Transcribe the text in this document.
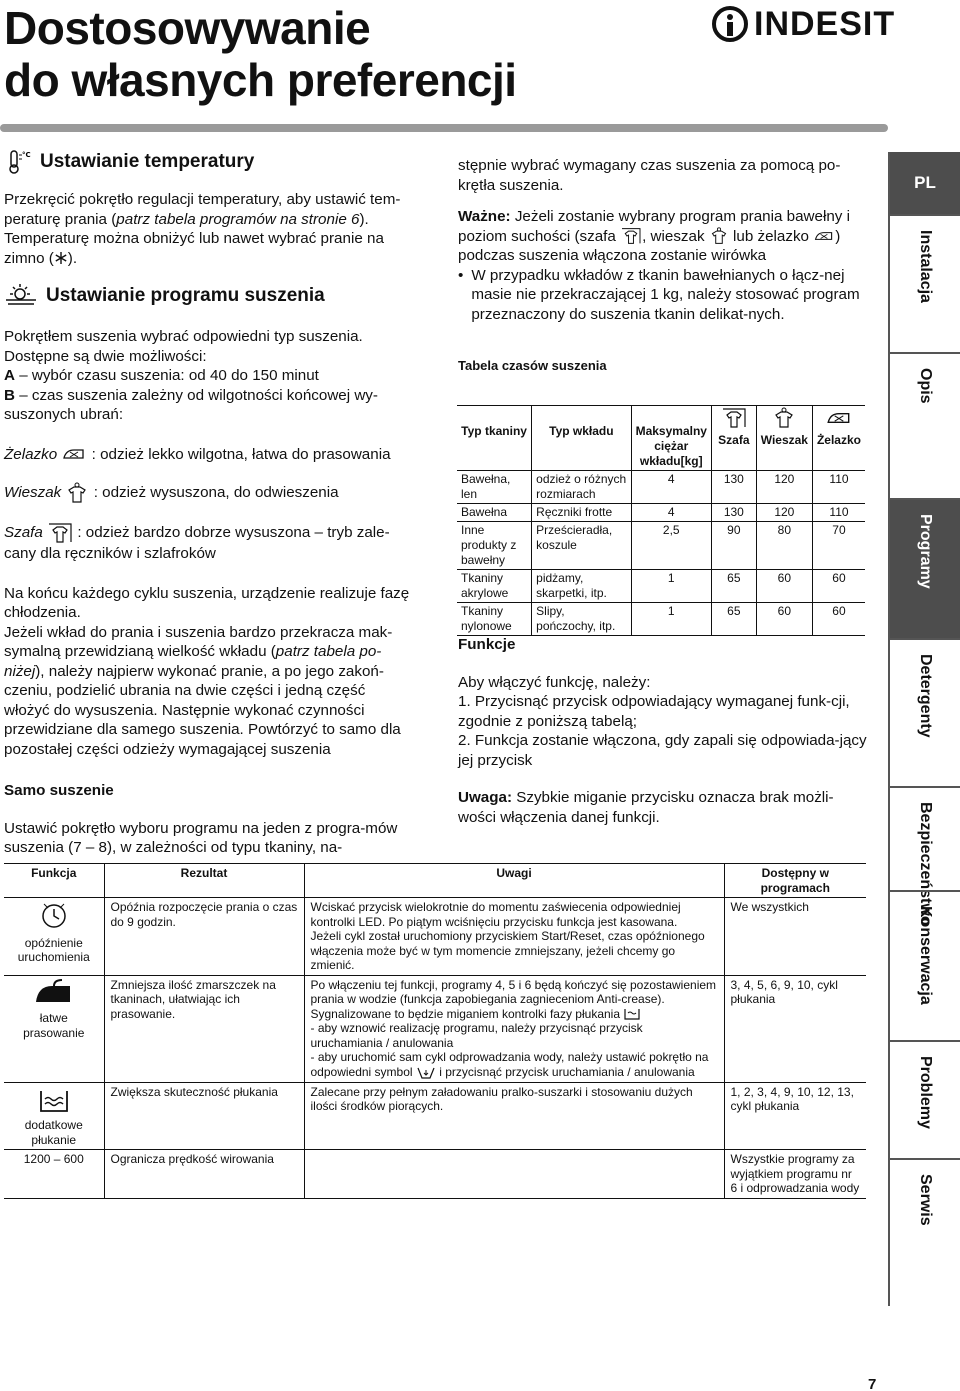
Dostosowywanie
do własnych preferencji
INDESIT
°C Ustawianie temperatury

Przekręcić pokrętło regulacji temperatury, aby ustawić tem-peraturę prania (patrz tabela programów na stronie 6). Temperaturę można obniżyć lub nawet wybrać pranie na zimno ( ).

Ustawianie programu suszenia

Pokrętłem suszenia wybrać odpowiedni typ suszenia.

Dostępne są dwie możliwości:

A – wybór czasu suszenia: od 40 do 150 minut

B – czas suszenia zależny od wilgotności końcowej wy-suszonych ubrań:

Żelazko : odzież lekko wilgotna, łatwa do prasowania

Wieszak : odzież wysuszona, do odwieszenia

Szafa : odzież bardzo dobrze wysuszona – tryb zale-cany dla ręczników i szlafroków

Na końcu każdego cyklu suszenia, urządzenie realizuje fazę chłodzenia.

Jeżeli wkład do prania i suszenia bardzo przekracza mak-symalną przewidzianą wielkość wkładu (patrz tabela po-niżej), należy najpierw wykonać pranie, a po jego zakoń-czeniu, podzielić ubrania na dwie części i jedną część włożyć do wysuszenia. Następnie wykonać czynności przewidziane dla samego suszenia. Powtórzyć to samo dla pozostałej części odzieży wymagającej suszenia

Samo suszenie

Ustawić pokrętło wyboru programu na jeden z progra-mów suszenia (7 – 8), w zależności od typu tkaniny, na-

stępnie wybrać wymagany czas suszenia za pomocą po-krętła suszenia.

Ważne: Jeżeli zostanie wybrany program prania bawełny i poziom suchości (szafa , wieszak  lub żelazko ) podczas suszenia włączona zostanie wirówka

• W przypadku wkładów z tkanin bawełnianych o łącz-nej masie nie przekraczającej 1 kg, należy stosować program przeznaczony do suszenia tkanin delikat-nych.

Tabela czasów suszenia

Typ tkaniny	Typ wkładu	Maksymalny ciężar wkładu[kg]	Szafa	Wieszak	Żelazko
Bawełna, len	odzież o różnych rozmiarach	4	130	120	110
Bawełna	Ręczniki frotte	4	130	120	110
Inne produkty z bawełny	Prześcieradła, koszule	2,5	90	80	70
Tkaniny akrylowe	pidżamy, skarpetki, itp.	1	65	60	60
Tkaniny nylonowe	Slipy, pończochy, itp.	1	65	60	60

Funkcje

Aby włączyć funkcję, należy:

1. Przycisnąć przycisk odpowiadający wymaganej funk-cji, zgodnie z poniższą tabelą;

2. Funkcja zostanie włączona, gdy zapali się odpowiada-jący jej przycisk

Uwaga: Szybkie miganie przycisku oznacza brak możli-wości włączenia danej funkcji.

Funkcja	Rezultat	Uwagi	Dostępny w programach

opóźnienie uruchomienia	Opóźnia rozpoczęcie prania o czas do 9 godzin.	Wciskać przycisk wielokrotnie do momentu zaświecenia odpowiedniej kontrolki LED. Po piątym wciśnięciu przycisku funkcja jest kasowana.
Jeżeli cykl został uruchomiony przyciskiem Start/Reset, czas opóźnionego włączenia może być w tym momencie zmniejszany, jeżeli chcemy go zmienić.	We wszystkich

łatwe prasowanie	Zmniejsza ilość zmarszczek na tkaninach, ułatwiając ich prasowanie.	Po włączeniu tej funkcji, programy 4, 5 i 6 będą kończyć się pozostawieniem prania w wodzie (funkcja zapobiegania zagnieceniom Anti-crease).
Sygnalizowane to będzie miganiem kontrolki fazy płukania
- aby wznowić realizację programu, należy przycisnąć przycisk uruchamiania / anulowania
- aby uruchomić sam cykl odprowadzania wody, należy ustawić pokrętło na odpowiedni symbol  i przycisnąć przycisk uruchamiania / anulowania	3, 4, 5, 6, 9, 10, cykl płukania

dodatkowe płukanie	Zwiększa skuteczność płukania	Zalecane przy pełnym załadowaniu pralko-suszarki i stosowaniu dużych ilości środków piorących.	1, 2, 3, 4, 9, 10, 12, 13, cykl płukania
1200 – 600	Ogranicza prędkość wirowania		Wszystkie programy za wyjątkiem programu nr 6 i odprowadzania wody
PL
Instalacja
Opis
Programy
Detergenty
Bezpieczeństwo
Konserwacja
Problemy
Serwis
7
